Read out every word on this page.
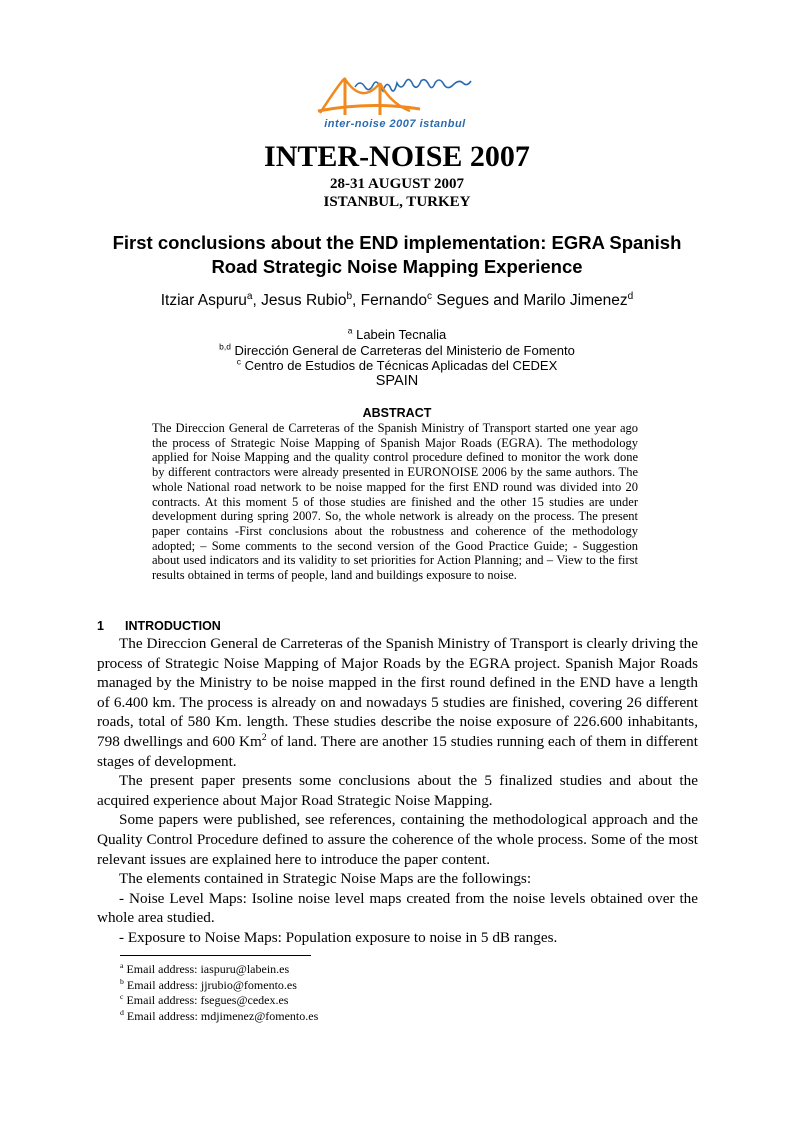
inter-noise 2007 istanbul
INTER-NOISE 2007
28-31 AUGUST 2007
ISTANBUL, TURKEY
First conclusions about the END implementation: EGRA Spanish
Road Strategic Noise Mapping Experience
Itziar Aspuru$^a$, Jesus Rubio$^b$, Fernando$^c$ Segues and Marilo Jimenez$^d$
$^a$ Labein Tecnalia
$^{b,d}$ Dirección General de Carreteras del Ministerio de Fomento
$^c$ Centro de Estudios de Técnicas Aplicadas del CEDEX
SPAIN
ABSTRACT
The Direccion General de Carreteras of the Spanish Ministry of Transport started one year ago the process of Strategic Noise Mapping of Spanish Major Roads (EGRA). The methodology applied for Noise Mapping and the quality control procedure defined to monitor the work done by different contractors were already presented in EURONOISE 2006 by the same authors. The whole National road network to be noise mapped for the first END round was divided into 20 contracts. At this moment 5 of those studies are finished and the other 15 studies are under development during spring 2007. So, the whole network is already on the process. The present paper contains -First conclusions about the robustness and coherence of the methodology adopted; – Some comments to the second version of the Good Practice Guide; - Suggestion about used indicators and its validity to set priorities for Action Planning; and – View to the first results obtained in terms of people, land and buildings exposure to noise.
1 INTRODUCTION

The Direccion General de Carreteras of the Spanish Ministry of Transport is clearly driving the process of Strategic Noise Mapping of Major Roads by the EGRA project. Spanish Major Roads managed by the Ministry to be noise mapped in the first round defined in the END have a length of 6.400 km. The process is already on and nowadays 5 studies are finished, covering 26 different roads, total of 580 Km. length. These studies describe the noise exposure of 226.600 inhabitants, 798 dwellings and 600 Km$^2$ of land. There are another 15 studies running each of them in different stages of development.

The present paper presents some conclusions about the 5 finalized studies and about the acquired experience about Major Road Strategic Noise Mapping.

Some papers were published, see references, containing the methodological approach and the Quality Control Procedure defined to assure the coherence of the whole process. Some of the most relevant issues are explained here to introduce the paper content.

The elements contained in Strategic Noise Maps are the followings:

- Noise Level Maps: Isoline noise level maps created from the noise levels obtained over the whole area studied.

- Exposure to Noise Maps: Population exposure to noise in 5 dB ranges.

$^a$ Email address: iaspuru@labein.es
$^b$ Email address: jjrubio@fomento.es
$^c$ Email address: fsegues@cedex.es
$^d$ Email address: mdjimenez@fomento.es
